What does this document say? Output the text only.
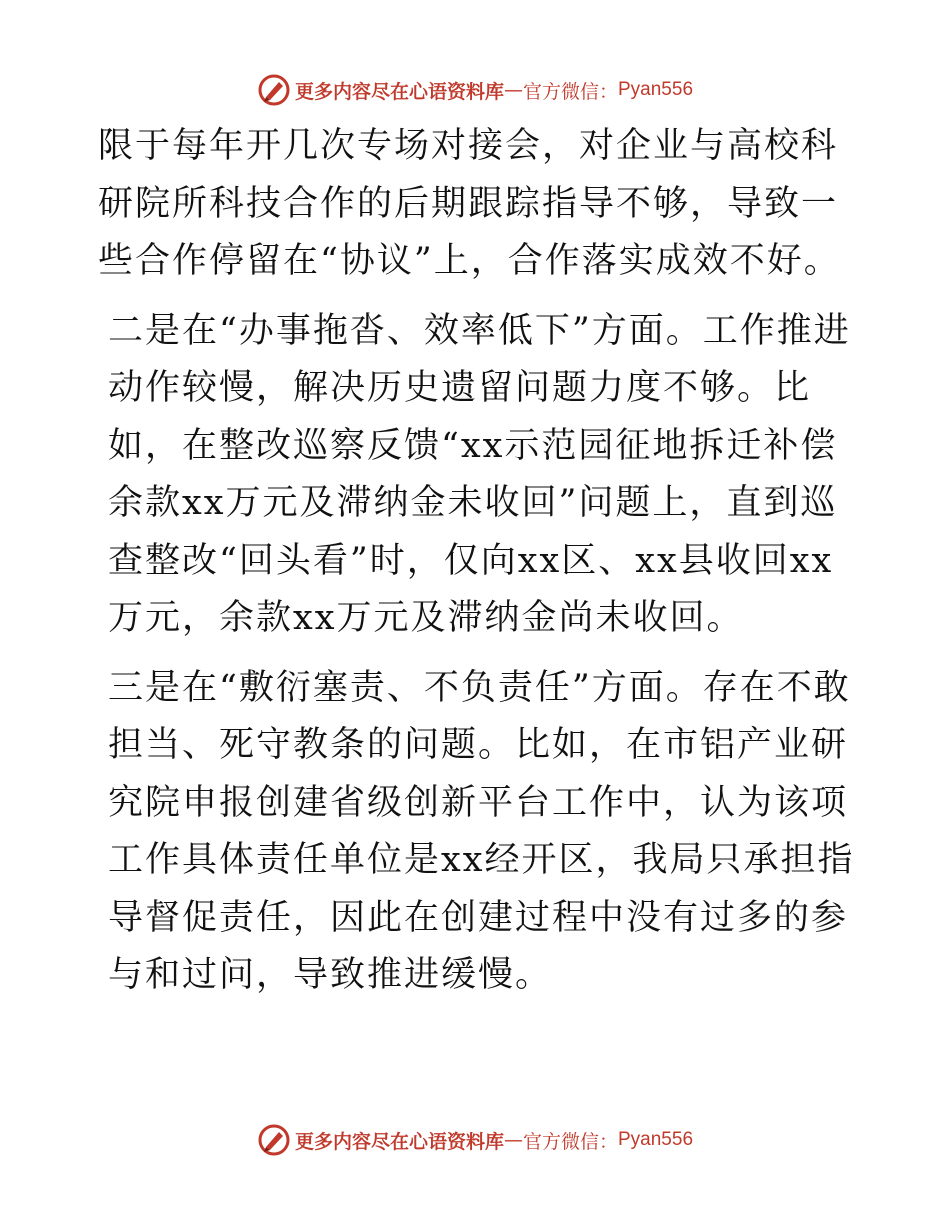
更多内容尽在心语资料库 — 官方微信： Pyan556

限于每年开几次专场对接会，对企业与高校科研院所科技合作的后期跟踪指导不够，导致一些合作停留在“协议”上，合作落实成效不好。

二是在“办事拖沓、效率低下”方面。工作推进动作较慢，解决历史遗留问题力度不够。比如，在整改巡察反馈“xx示范园征地拆迁补偿余款xx万元及滞纳金未收回”问题上，直到巡查整改“回头看”时，仅向xx区、xx县收回xx万元，余款xx万元及滞纳金尚未收回。

三是在“敷衍塞责、不负责任”方面。存在不敢担当、死守教条的问题。比如，在市铝产业研究院申报创建省级创新平台工作中，认为该项工作具体责任单位是xx经开区，我局只承担指导督促责任，因此在创建过程中没有过多的参与和过问，导致推进缓慢。

更多内容尽在心语资料库 — 官方微信： Pyan556
